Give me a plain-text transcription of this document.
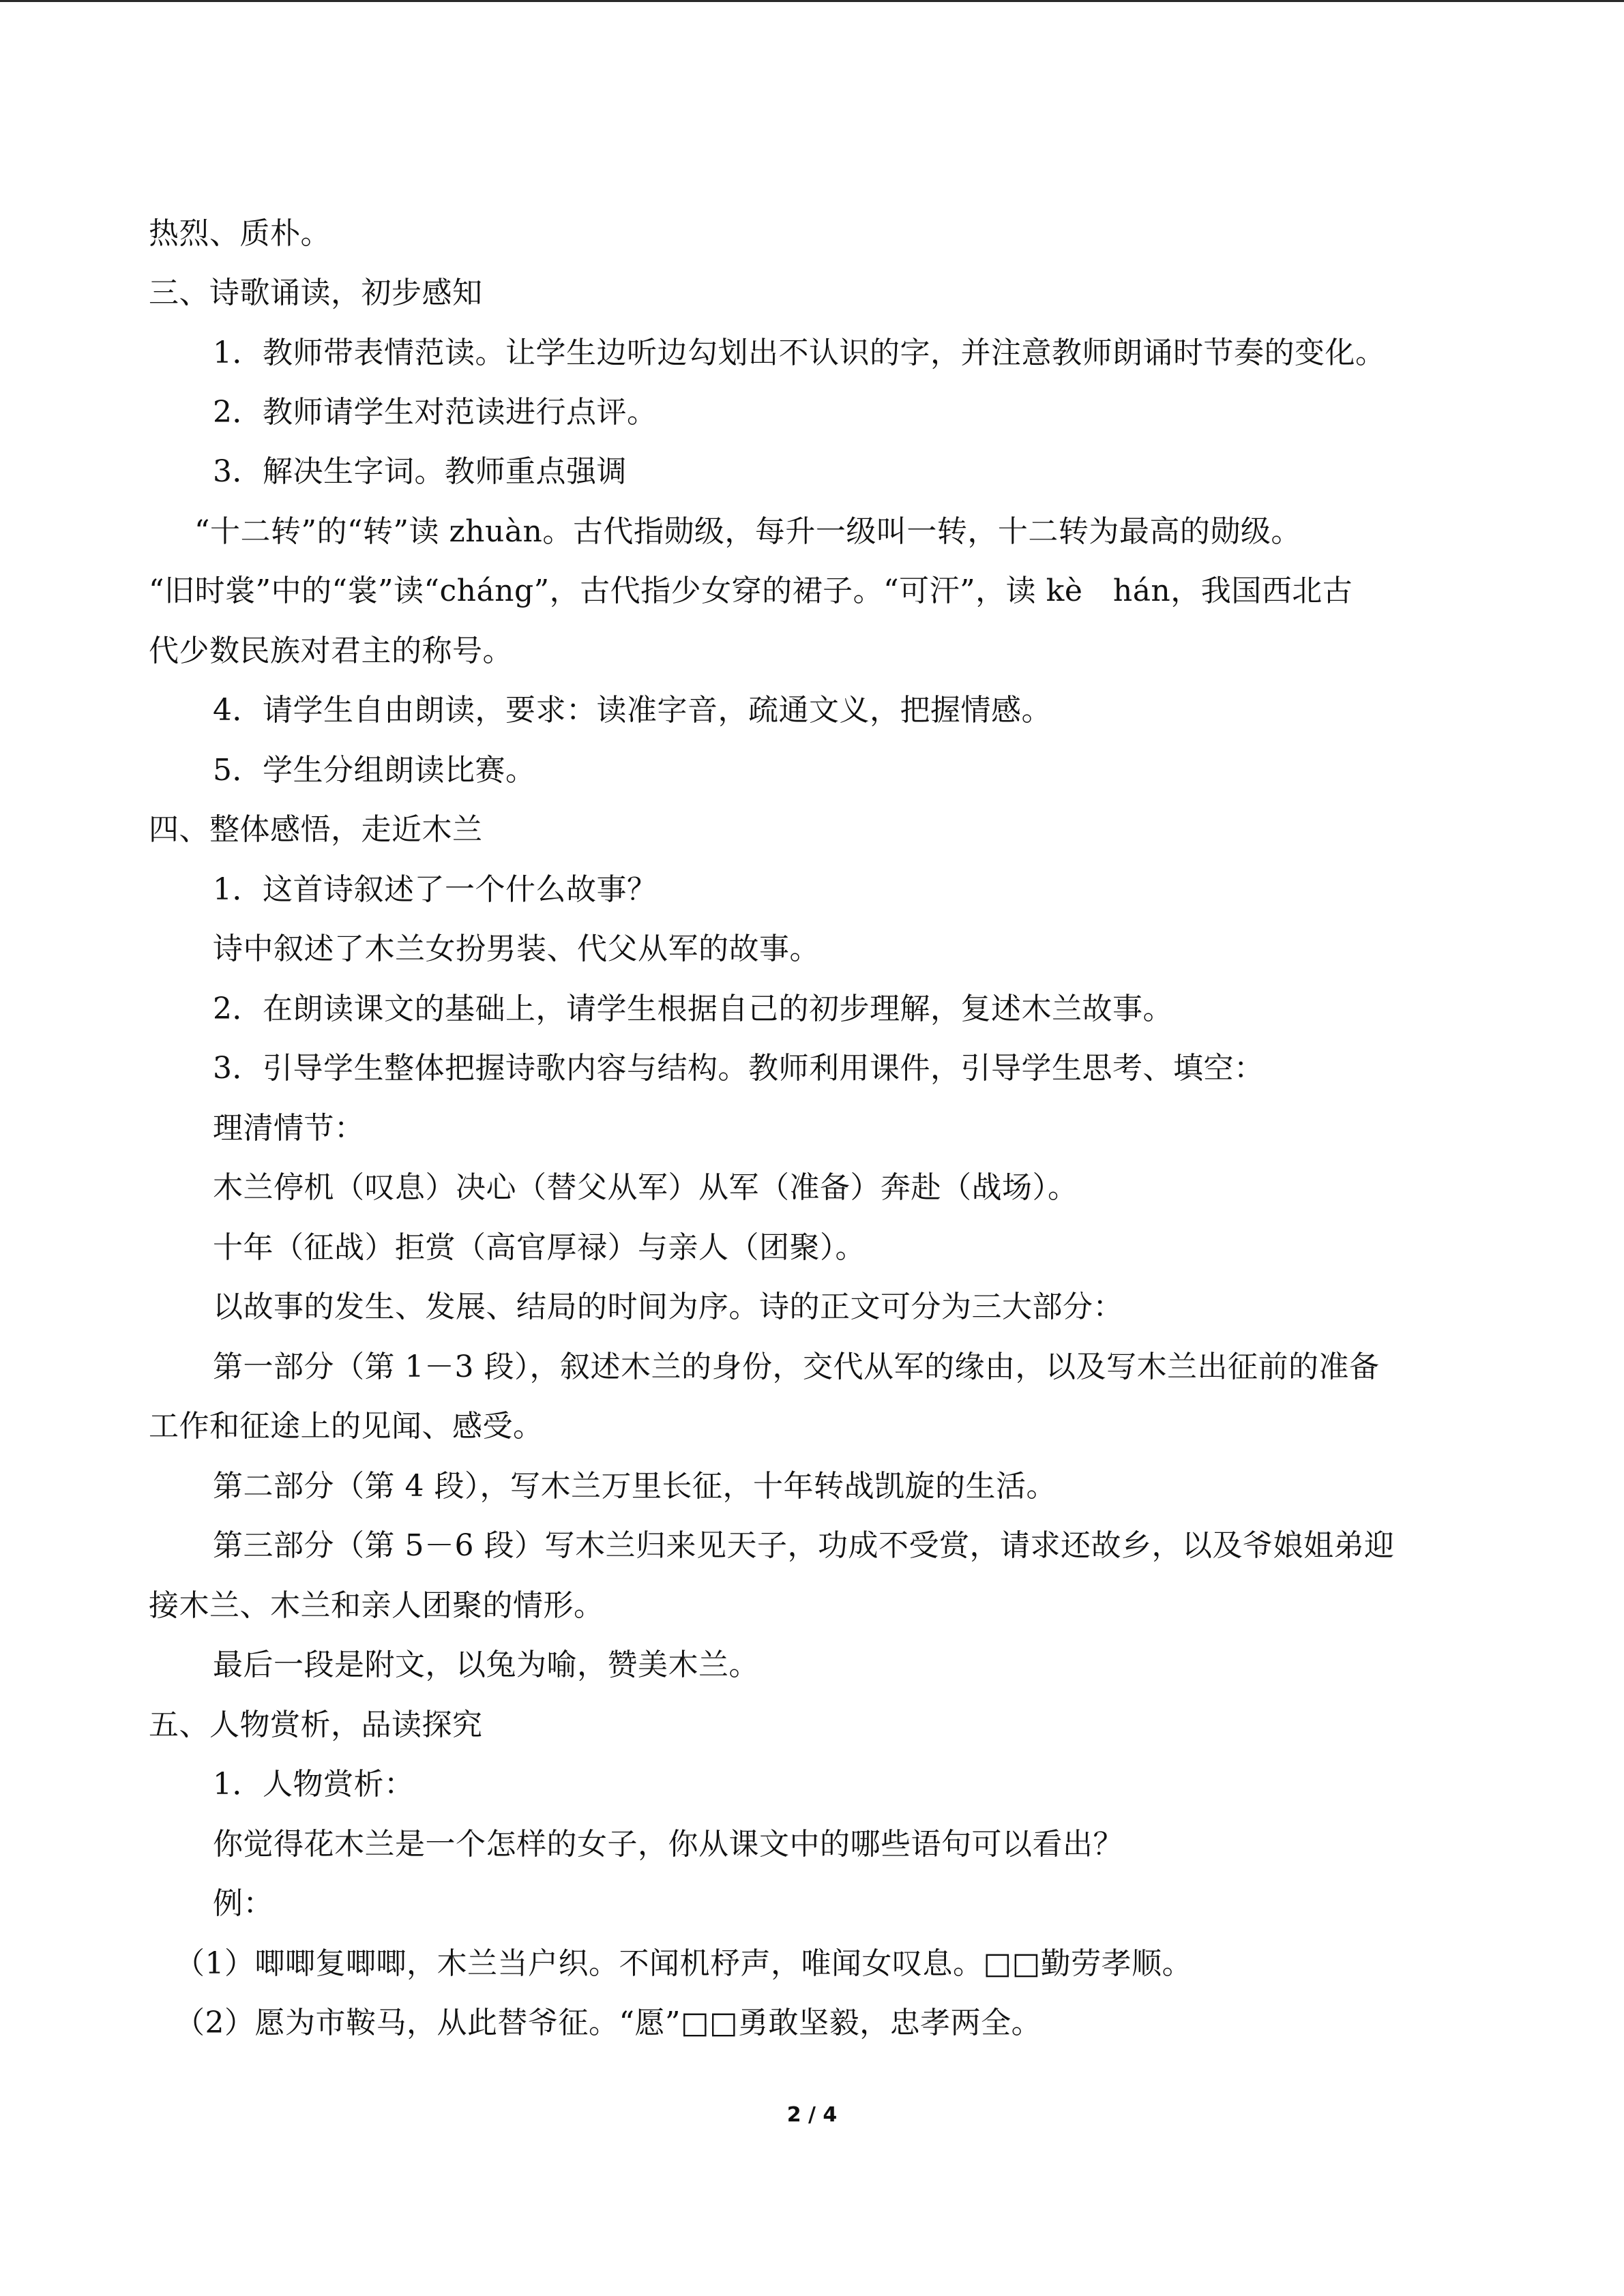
热烈、质朴。
三、诗歌诵读，初步感知
1．教师带表情范读。让学生边听边勾划出不认识的字，并注意教师朗诵时节奏的变化。
2．教师请学生对范读进行点评。
3．解决生字词。教师重点强调
“十二转”的“转”读 zhuàn。古代指勋级，每升一级叫一转，十二转为最高的勋级。
“旧时裳”中的“裳”读“cháng”，古代指少女穿的裙子。“可汗”，读 kè　hán，我国西北古
代少数民族对君主的称号。
4．请学生自由朗读，要求：读准字音，疏通文义，把握情感。
5．学生分组朗读比赛。
四、整体感悟，走近木兰
1．这首诗叙述了一个什么故事？
诗中叙述了木兰女扮男装、代父从军的故事。
2．在朗读课文的基础上，请学生根据自己的初步理解，复述木兰故事。
3．引导学生整体把握诗歌内容与结构。教师利用课件，引导学生思考、填空：
理清情节：
木兰停机（叹息）决心（替父从军）从军（准备）奔赴（战场）。
十年（征战）拒赏（高官厚禄）与亲人（团聚）。
以故事的发生、发展、结局的时间为序。诗的正文可分为三大部分：
第一部分（第 1－3 段），叙述木兰的身份，交代从军的缘由，以及写木兰出征前的准备
工作和征途上的见闻、感受。
第二部分（第 4 段），写木兰万里长征，十年转战凯旋的生活。
第三部分（第 5－6 段）写木兰归来见天子，功成不受赏，请求还故乡，以及爷娘姐弟迎
接木兰、木兰和亲人团聚的情形。
最后一段是附文，以兔为喻，赞美木兰。
五、人物赏析，品读探究
1．人物赏析：
你觉得花木兰是一个怎样的女子，你从课文中的哪些语句可以看出？
例：
（1）唧唧复唧唧，木兰当户织。不闻机杼声，唯闻女叹息。□□勤劳孝顺。
（2）愿为市鞍马，从此替爷征。“愿”□□勇敢坚毅，忠孝两全。
2 / 4
